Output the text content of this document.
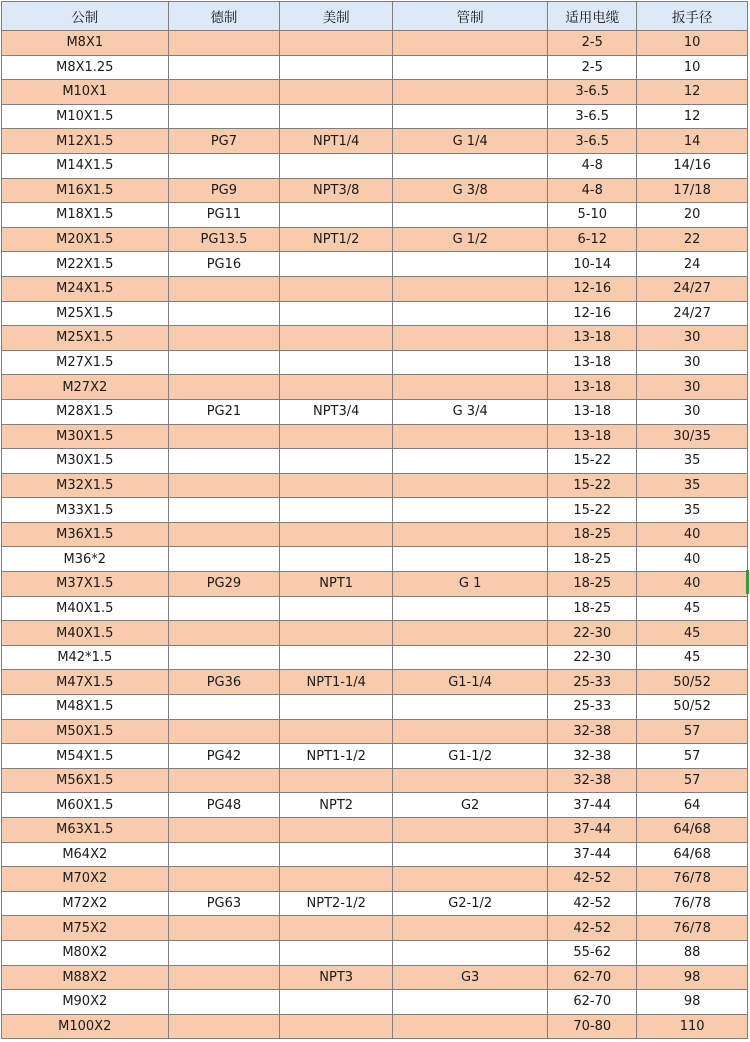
公制	德制	美制	管制	适用电缆	扳手径
M8X1				2-5	10
M8X1.25				2-5	10
M10X1				3-6.5	12
M10X1.5				3-6.5	12
M12X1.5	PG7	NPT1/4	G 1/4	3-6.5	14
M14X1.5				4-8	14/16
M16X1.5	PG9	NPT3/8	G 3/8	4-8	17/18
M18X1.5	PG11			5-10	20
M20X1.5	PG13.5	NPT1/2	G 1/2	6-12	22
M22X1.5	PG16			10-14	24
M24X1.5				12-16	24/27
M25X1.5				12-16	24/27
M25X1.5				13-18	30
M27X1.5				13-18	30
M27X2				13-18	30
M28X1.5	PG21	NPT3/4	G 3/4	13-18	30
M30X1.5				13-18	30/35
M30X1.5				15-22	35
M32X1.5				15-22	35
M33X1.5				15-22	35
M36X1.5				18-25	40
M36*2				18-25	40
M37X1.5	PG29	NPT1	G 1	18-25	40
M40X1.5				18-25	45
M40X1.5				22-30	45
M42*1.5				22-30	45
M47X1.5	PG36	NPT1-1/4	G1-1/4	25-33	50/52
M48X1.5				25-33	50/52
M50X1.5				32-38	57
M54X1.5	PG42	NPT1-1/2	G1-1/2	32-38	57
M56X1.5				32-38	57
M60X1.5	PG48	NPT2	G2	37-44	64
M63X1.5				37-44	64/68
M64X2				37-44	64/68
M70X2				42-52	76/78
M72X2	PG63	NPT2-1/2	G2-1/2	42-52	76/78
M75X2				42-52	76/78
M80X2				55-62	88
M88X2		NPT3	G3	62-70	98
M90X2				62-70	98
M100X2				70-80	110
